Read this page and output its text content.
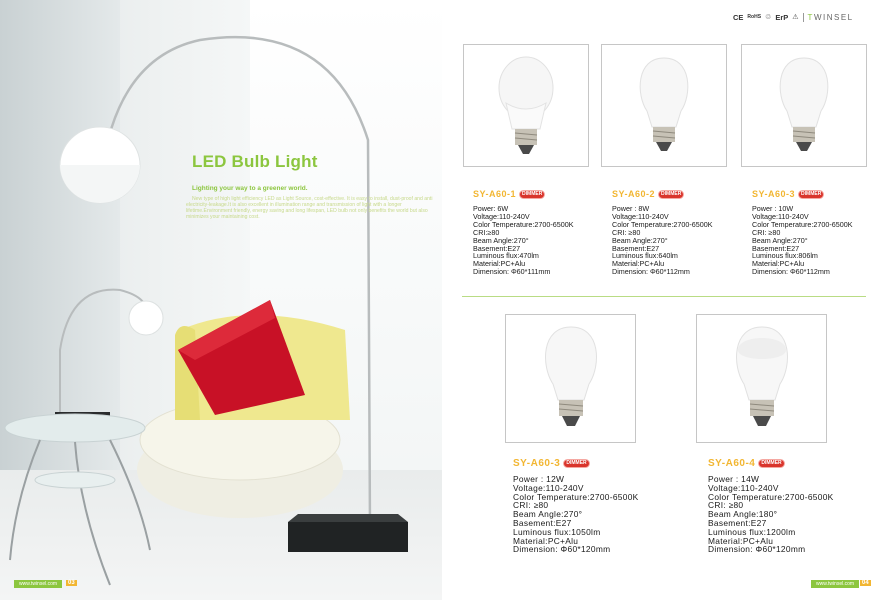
LED Bulb Light
Lighting your way to a greener world.
New type of high light efficiency LED as Light Source, cost-effective. It is easy to install, dust-proof and anti electricity-leakage.It is also excellent in illumination range and transmission of light with a longer lifetime.Environment friendly, energy saving and long lifespan, LED bulb not only benefits the world but also minimizes your maintaining cost.
www.twinsel.com	03
CE RoHS ♲ ErP ⚠	TWINSEL
SY-A60-1	DIMMER
Power: 6W
Voltage:110-240V
Color Temperature:2700-6500K
CRI:≥80
Beam Angle:270°
Basement:E27
Luminous flux:470lm
Material:PC+Alu
Dimension: Φ60*111mm
SY-A60-2	DIMMER
Power : 8W
Voltage:110-240V
Color Temperature:2700-6500K
CRI: ≥80
Beam Angle:270°
Basement:E27
Luminous flux:640lm
Material:PC+Alu
Dimension: Φ60*112mm
SY-A60-3	DIMMER
Power : 10W
Voltage:110-240V
Color Temperature:2700-6500K
CRI: ≥80
Beam Angle:270°
Basement:E27
Luminous flux:806lm
Material:PC+Alu
Dimension: Φ60*112mm
SY-A60-3	DIMMER
Power : 12W
Voltage:110-240V
Color Temperature:2700-6500K
CRI: ≥80
Beam Angle:270°
Basement:E27
Luminous flux:1050lm
Material:PC+Alu
Dimension: Φ60*120mm
SY-A60-4	DIMMER
Power : 14W
Voltage:110-240V
Color Temperature:2700-6500K
CRI: ≥80
Beam Angle:180°
Basement:E27
Luminous flux:1200lm
Material:PC+Alu
Dimension: Φ60*120mm
www.twinsel.com	04
